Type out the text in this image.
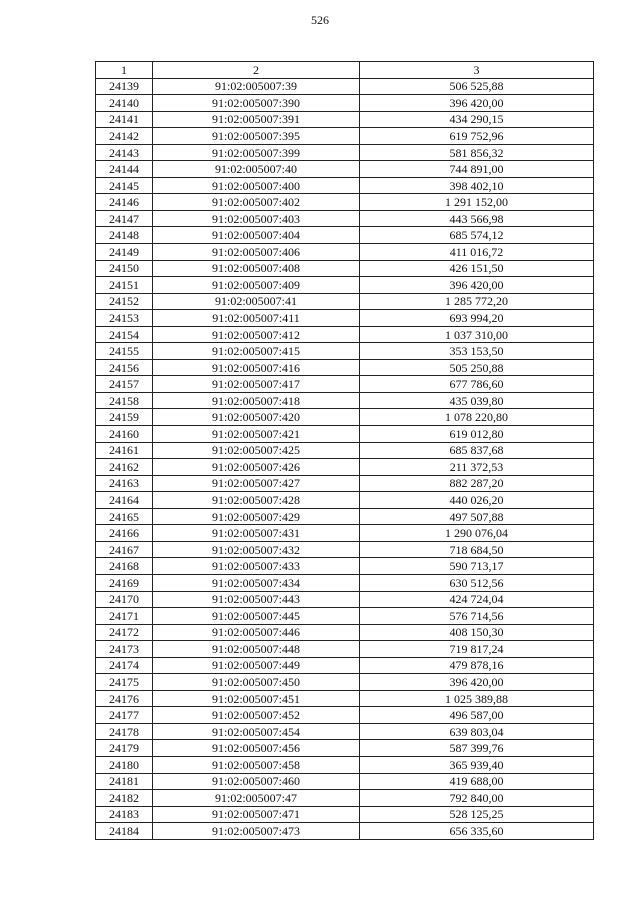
526
1	2	3
24139	91:02:005007:39	506 525,88
24140	91:02:005007:390	396 420,00
24141	91:02:005007:391	434 290,15
24142	91:02:005007:395	619 752,96
24143	91:02:005007:399	581 856,32
24144	91:02:005007:40	744 891,00
24145	91:02:005007:400	398 402,10
24146	91:02:005007:402	1 291 152,00
24147	91:02:005007:403	443 566,98
24148	91:02:005007:404	685 574,12
24149	91:02:005007:406	411 016,72
24150	91:02:005007:408	426 151,50
24151	91:02:005007:409	396 420,00
24152	91:02:005007:41	1 285 772,20
24153	91:02:005007:411	693 994,20
24154	91:02:005007:412	1 037 310,00
24155	91:02:005007:415	353 153,50
24156	91:02:005007:416	505 250,88
24157	91:02:005007:417	677 786,60
24158	91:02:005007:418	435 039,80
24159	91:02:005007:420	1 078 220,80
24160	91:02:005007:421	619 012,80
24161	91:02:005007:425	685 837,68
24162	91:02:005007:426	211 372,53
24163	91:02:005007:427	882 287,20
24164	91:02:005007:428	440 026,20
24165	91:02:005007:429	497 507,88
24166	91:02:005007:431	1 290 076,04
24167	91:02:005007:432	718 684,50
24168	91:02:005007:433	590 713,17
24169	91:02:005007:434	630 512,56
24170	91:02:005007:443	424 724,04
24171	91:02:005007:445	576 714,56
24172	91:02:005007:446	408 150,30
24173	91:02:005007:448	719 817,24
24174	91:02:005007:449	479 878,16
24175	91:02:005007:450	396 420,00
24176	91:02:005007:451	1 025 389,88
24177	91:02:005007:452	496 587,00
24178	91:02:005007:454	639 803,04
24179	91:02:005007:456	587 399,76
24180	91:02:005007:458	365 939,40
24181	91:02:005007:460	419 688,00
24182	91:02:005007:47	792 840,00
24183	91:02:005007:471	528 125,25
24184	91:02:005007:473	656 335,60
